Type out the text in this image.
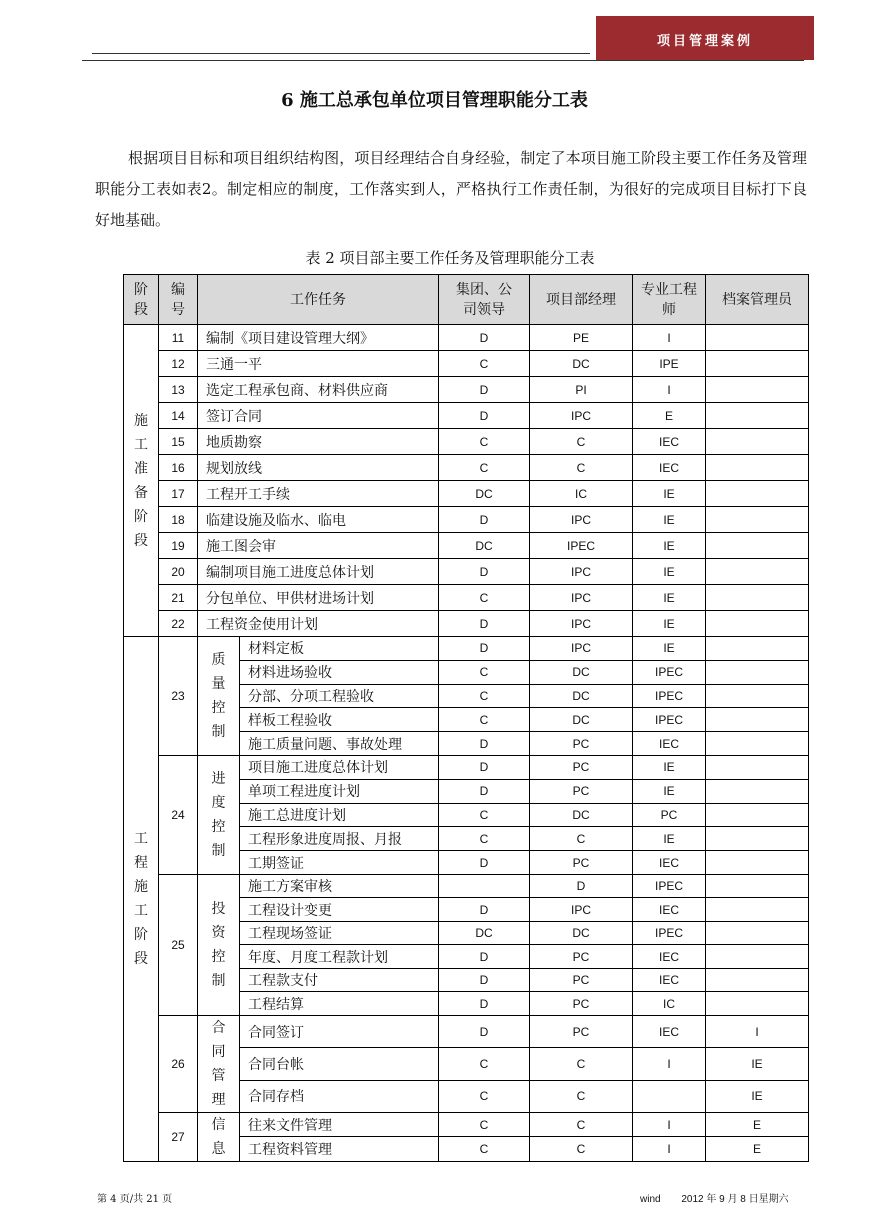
项目管理案例
6 施工总承包单位项目管理职能分工表

根据项目目标和项目组织结构图，项目经理结合自身经验，制定了本项目施工阶段主要工作任务及管理职能分工表如表2。制定相应的制度，工作落实到人，严格执行工作责任制，为很好的完成项目目标打下良好地基础。

表 2 项目部主要工作任务及管理职能分工表
阶段	编号	工作任务		集团、公司领导	项目部经理	专业工程师	档案管理员

施工准备阶段	11	编制《项目建设管理大纲》		D	PE	I	
	12	三通一平		C	DC	IPE	
	13	选定工程承包商、材料供应商		D	PI	I	
	14	签订合同		D	IPC	E	
	15	地质勘察		C	C	IEC	
	16	规划放线		C	C	IEC	
	17	工程开工手续		DC	IC	IE	
	18	临建设施及临水、临电		D	IPC	IE	
	19	施工图会审		DC	IPEC	IE	
	20	编制项目施工进度总体计划		D	IPC	IE	
	21	分包单位、甲供材进场计划		C	IPC	IE	
	22	工程资金使用计划		D	IPC	IE	

工程施工阶段	23	质量控制	材料定板	D	IPC	IE	
			材料进场验收	C	DC	IPEC	
			分部、分项工程验收	C	DC	IPEC	
			样板工程验收	C	DC	IPEC	
			施工质量问题、事故处理	D	PC	IEC	
	24	进度控制	项目施工进度总体计划	D	PC	IE	
			单项工程进度计划	D	PC	IE	
			施工总进度计划	C	DC	PC	
			工程形象进度周报、月报	C	C	IE	
			工期签证	D	PC	IEC	
	25	投资控制	施工方案审核		D	IPEC	
			工程设计变更	D	IPC	IEC	
			工程现场签证	DC	DC	IPEC	
			年度、月度工程款计划	D	PC	IEC	
			工程款支付	D	PC	IEC	
			工程结算	D	PC	IC	
	26	合同管理	合同签订	D	PC	IEC	I
			合同台帐	C	C	I	IE
			合同存档	C	C		IE
	27	信息	往来文件管理	C	C	I	E
			工程资料管理	C	C	I	E
第 4 页/共 21 页	wind 2012 年 9 月 8 日星期六
